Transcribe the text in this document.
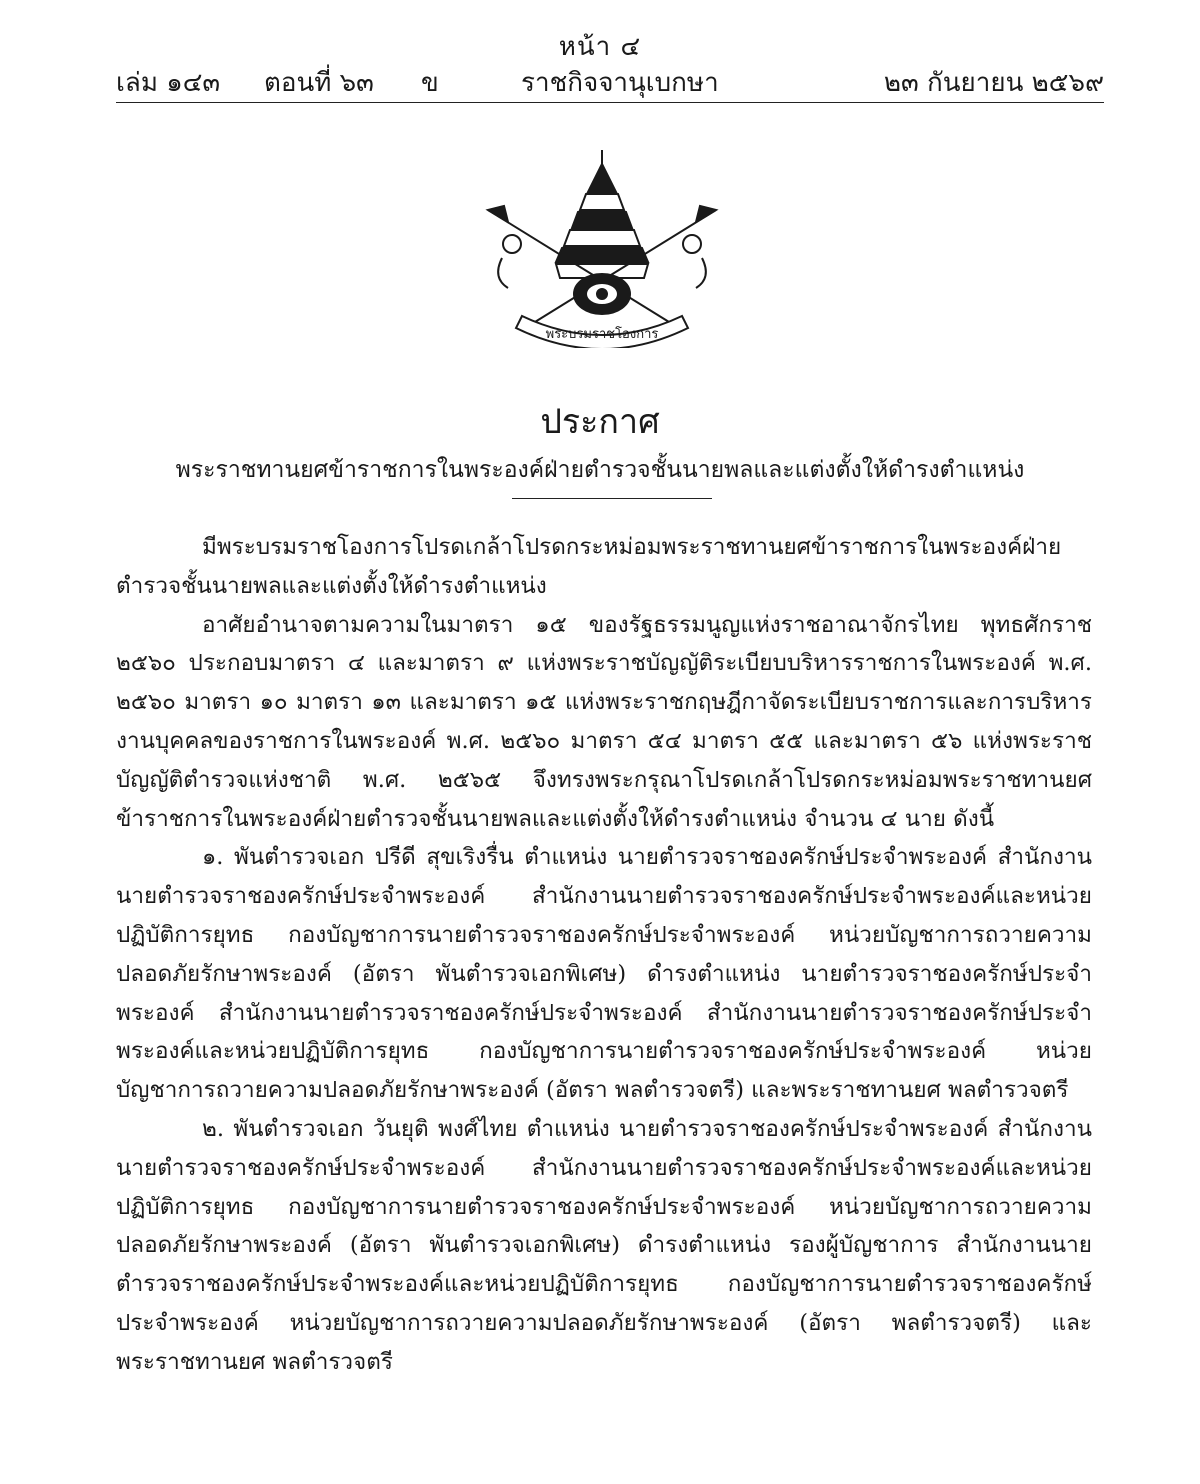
หน้า ๔
เล่ม ๑๔๓ ตอนที่ ๖๓ ข	ราชกิจจานุเบกษา	๒๓ กันยายน ๒๕๖๙
พระบรมราชโองการ
ประกาศ
พระราชทานยศข้าราชการในพระองค์ฝ่ายตำรวจชั้นนายพลและแต่งตั้งให้ดำรงตำแหน่ง

มีพระบรมราชโองการโปรดเกล้าโปรดกระหม่อมพระราชทานยศข้าราชการในพระองค์ฝ่ายตำรวจชั้นนายพลและแต่งตั้งให้ดำรงตำแหน่ง

อาศัยอำนาจตามความในมาตรา ๑๕ ของรัฐธรรมนูญแห่งราชอาณาจักรไทย พุทธศักราช ๒๕๖๐ ประกอบมาตรา ๔ และมาตรา ๙ แห่งพระราชบัญญัติระเบียบบริหารราชการในพระองค์ พ.ศ. ๒๕๖๐ มาตรา ๑๐ มาตรา ๑๓ และมาตรา ๑๕ แห่งพระราชกฤษฎีกาจัดระเบียบราชการและการบริหารงานบุคคลของราชการในพระองค์ พ.ศ. ๒๕๖๐ มาตรา ๕๔ มาตรา ๕๕ และมาตรา ๕๖ แห่งพระราชบัญญัติตำรวจแห่งชาติ พ.ศ. ๒๕๖๕ จึงทรงพระกรุณาโปรดเกล้าโปรดกระหม่อมพระราชทานยศข้าราชการในพระองค์ฝ่ายตำรวจชั้นนายพลและแต่งตั้งให้ดำรงตำแหน่ง จำนวน ๔ นาย ดังนี้

๑. พันตำรวจเอก ปรีดี สุขเริงรื่น ตำแหน่ง นายตำรวจราชองครักษ์ประจำพระองค์ สำนักงานนายตำรวจราชองครักษ์ประจำพระองค์ สำนักงานนายตำรวจราชองครักษ์ประจำพระองค์และหน่วยปฏิบัติการยุทธ กองบัญชาการนายตำรวจราชองครักษ์ประจำพระองค์ หน่วยบัญชาการถวายความปลอดภัยรักษาพระองค์ (อัตรา พันตำรวจเอกพิเศษ) ดำรงตำแหน่ง นายตำรวจราชองครักษ์ประจำพระองค์ สำนักงานนายตำรวจราชองครักษ์ประจำพระองค์ สำนักงานนายตำรวจราชองครักษ์ประจำพระองค์และหน่วยปฏิบัติการยุทธ กองบัญชาการนายตำรวจราชองครักษ์ประจำพระองค์ หน่วยบัญชาการถวายความปลอดภัยรักษาพระองค์ (อัตรา พลตำรวจตรี) และพระราชทานยศ พลตำรวจตรี

๒. พันตำรวจเอก วันยุติ พงศ์ไทย ตำแหน่ง นายตำรวจราชองครักษ์ประจำพระองค์ สำนักงานนายตำรวจราชองครักษ์ประจำพระองค์ สำนักงานนายตำรวจราชองครักษ์ประจำพระองค์และหน่วยปฏิบัติการยุทธ กองบัญชาการนายตำรวจราชองครักษ์ประจำพระองค์ หน่วยบัญชาการถวายความปลอดภัยรักษาพระองค์ (อัตรา พันตำรวจเอกพิเศษ) ดำรงตำแหน่ง รองผู้บัญชาการ สำนักงานนายตำรวจราชองครักษ์ประจำพระองค์และหน่วยปฏิบัติการยุทธ กองบัญชาการนายตำรวจราชองครักษ์ประจำพระองค์ หน่วยบัญชาการถวายความปลอดภัยรักษาพระองค์ (อัตรา พลตำรวจตรี) และพระราชทานยศ พลตำรวจตรี
